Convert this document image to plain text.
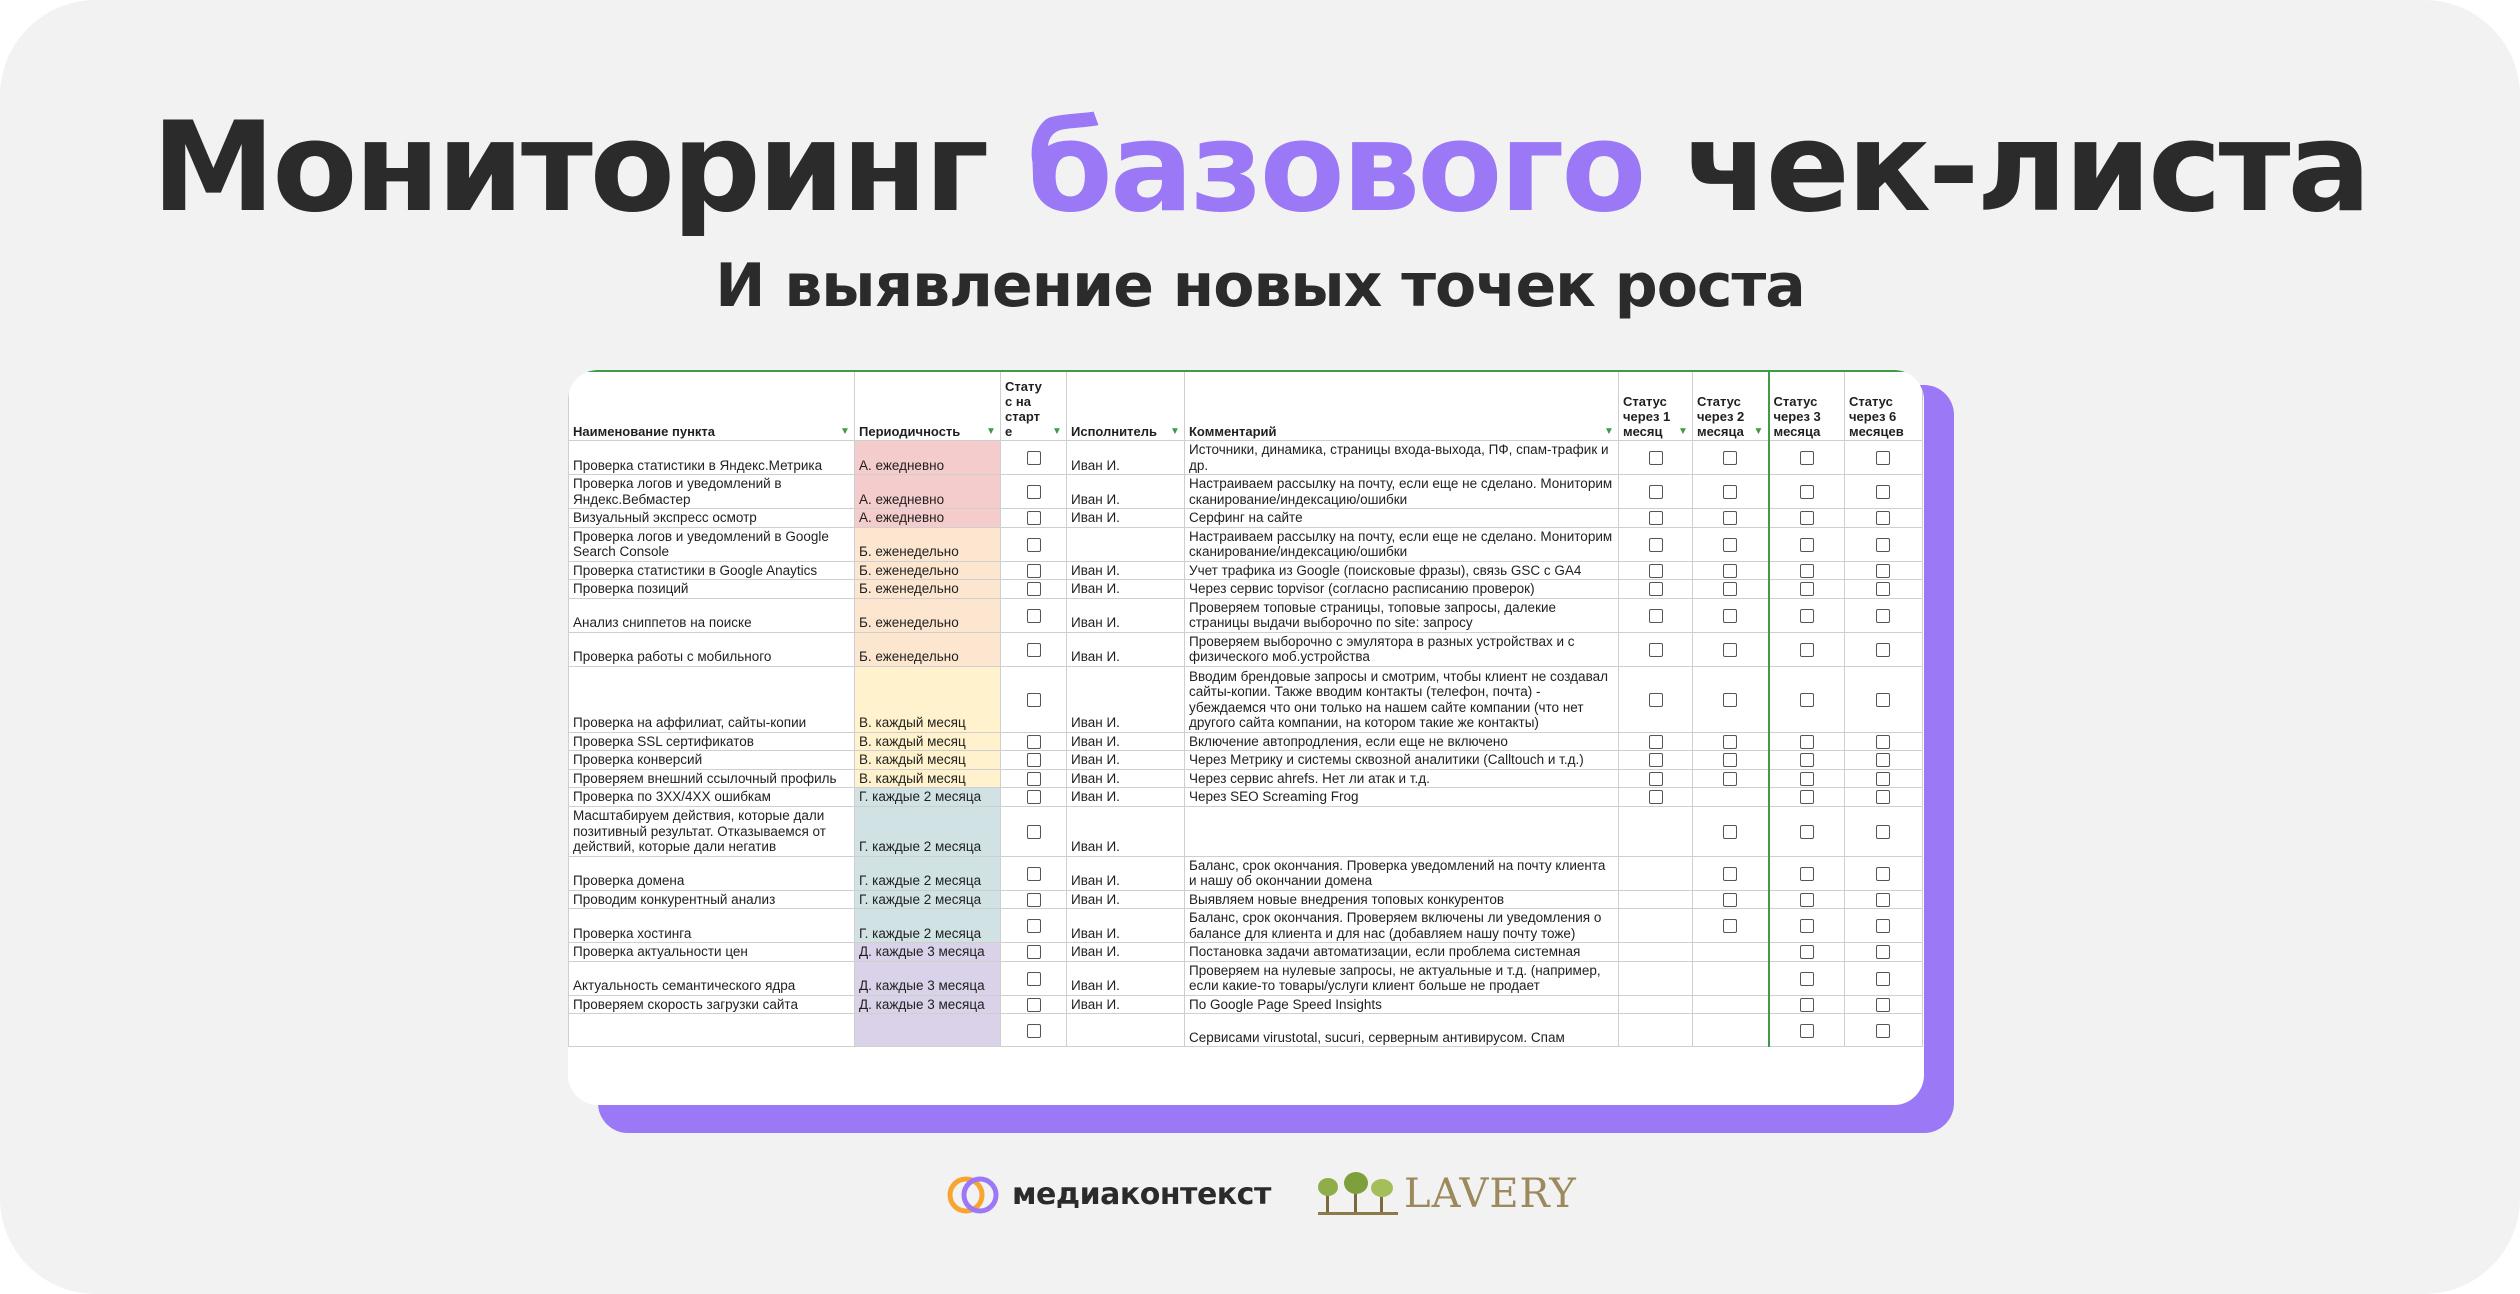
Мониторинг базового чек-листа
И выявление новых точек роста
Наименование пункта ▼	Периодичность ▼	Стату с на старт е ▼	Исполнитель ▼	Комментарий ▼	Статус через 1 месяц ▼	Статус через 2 месяца ▼	Статус через 3 месяца	Статус через 6 месяцев
Проверка статистики в Яндекс.Метрика	А. ежедневно		Иван И.	Источники, динамика, страницы входа-выхода, ПФ, спам-трафик и др.				
Проверка логов и уведомлений в Яндекс.Вебмастер	А. ежедневно		Иван И.	Настраиваем рассылку на почту, если еще не сделано. Мониторим сканирование/индексацию/ошибки				
Визуальный экспресс осмотр	А. ежедневно		Иван И.	Серфинг на сайте				
Проверка логов и уведомлений в Google Search Console	Б. еженедельно			Настраиваем рассылку на почту, если еще не сделано. Мониторим сканирование/индексацию/ошибки				
Проверка статистики в Google Anaytics	Б. еженедельно		Иван И.	Учет трафика из Google (поисковые фразы), связь GSC с GA4				
Проверка позиций	Б. еженедельно		Иван И.	Через сервис topvisor (согласно расписанию проверок)				
Анализ сниппетов на поиске	Б. еженедельно		Иван И.	Проверяем топовые страницы, топовые запросы, далекие страницы выдачи выборочно по site: запросу				
Проверка работы с мобильного	Б. еженедельно		Иван И.	Проверяем выборочно с эмулятора в разных устройствах и с физического моб.устройства				
Проверка на аффилиат, сайты-копии	В. каждый месяц		Иван И.	Вводим брендовые запросы и смотрим, чтобы клиент не создавал сайты-копии. Также вводим контакты (телефон, почта) - убеждаемся что они только на нашем сайте компании (что нет другого сайта компании, на котором такие же контакты)				
Проверка SSL сертификатов	В. каждый месяц		Иван И.	Включение автопродления, если еще не включено				
Проверка конверсий	В. каждый месяц		Иван И.	Через Метрику и системы сквозной аналитики (Calltouch и т.д.)				
Проверяем внешний ссылочный профиль	В. каждый месяц		Иван И.	Через сервис ahrefs. Нет ли атак и т.д.				
Проверка по 3ХХ/4ХХ ошибкам	Г. каждые 2 месяца		Иван И.	Через SEO Screaming Frog				
Масштабируем действия, которые дали позитивный результат. Отказываемся от действий, которые дали негатив	Г. каждые 2 месяца		Иван И.					
Проверка домена	Г. каждые 2 месяца		Иван И.	Баланс, срок окончания. Проверка уведомлений на почту клиента и нашу об окончании домена				
Проводим конкурентный анализ	Г. каждые 2 месяца		Иван И.	Выявляем новые внедрения топовых конкурентов				
Проверка хостинга	Г. каждые 2 месяца		Иван И.	Баланс, срок окончания. Проверяем включены ли уведомления о балансе для клиента и для нас (добавляем нашу почту тоже)				
Проверка актуальности цен	Д. каждые 3 месяца		Иван И.	Постановка задачи автоматизации, если проблема системная				
Актуальность семантического ядра	Д. каждые 3 месяца		Иван И.	Проверяем на нулевые запросы, не актуальные и т.д. (например, если какие-то товары/услуги клиент больше не продает				
Проверяем скорость загрузки сайта	Д. каждые 3 месяца		Иван И.	По Google Page Speed Insights				
				Сервисами virustotal, sucuri, серверным антивирусом. Спам				
медиаконтекст	LAVERY
